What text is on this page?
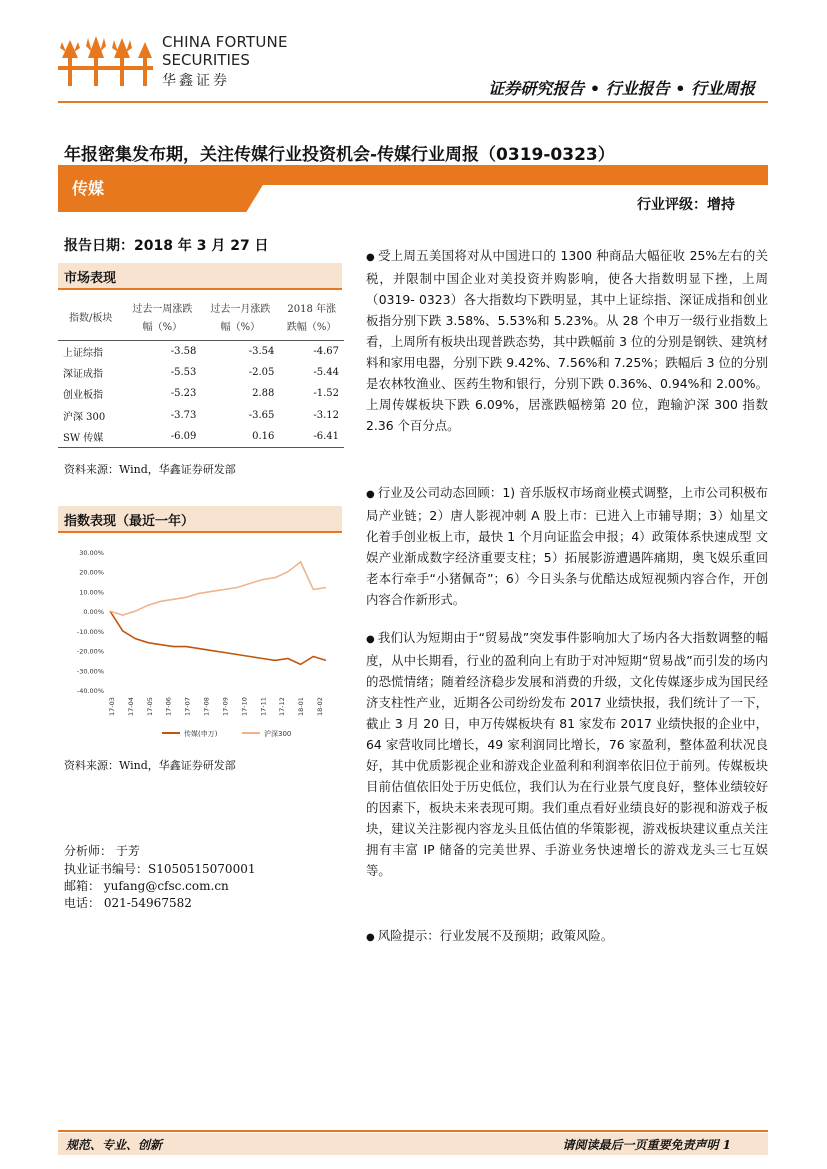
CHINA FORTUNE
SECURITIES
华鑫证券	证券研究报告 • 行业报告 • 行业周报
年报密集发布期，关注传媒行业投资机会-传媒行业周报（0319-0323）
传媒
行业评级：增持
报告日期：2018 年 3 月 27 日
市场表现
指数/板块	过去一周涨跌幅（%）	过去一月涨跌幅（%）	2018 年涨跌幅（%）
上证综指	-3.58	-3.54	-4.67
深证成指	-5.53	-2.05	-5.44
创业板指	-5.23	2.88	-1.52
沪深 300	-3.73	-3.65	-3.12
SW 传媒	-6.09	0.16	-6.41
资料来源：Wind，华鑫证券研发部
指数表现（最近一年）
30.00%
20.00%
10.00%
0.00%
-10.00%
-20.00%
-30.00%
-40.00%
17-03 17-04 17-05 17-06 17-07 17-08 17-09 17-10 17-11 17-12 18-01 18-02
传媒(申万)	沪深300
资料来源：Wind，华鑫证券研发部
分析师： 于芳
执业证书编号：S1050515070001
邮箱： yufang@cfsc.com.cn
电话： 021-54967582
● 受上周五美国将对从中国进口的 1300 种商品大幅征收 25%左右的关税，并限制中国企业对美投资并购影响，使各大指数明显下挫，上周（0319- 0323）各大指数均下跌明显，其中上证综指、深证成指和创业板指分别下跌 3.58%、5.53%和 5.23%。从 28 个申万一级行业指数上看，上周所有板块出现普跌态势，其中跌幅前 3 位的分别是钢铁、建筑材料和家用电器，分别下跌 9.42%、7.56%和 7.25%；跌幅后 3 位的分别是农林牧渔业、医药生物和银行，分别下跌 0.36%、0.94%和 2.00%。上周传媒板块下跌 6.09%，居涨跌幅榜第 20 位，跑输沪深 300 指数 2.36 个百分点。
● 行业及公司动态回顾：1) 音乐版权市场商业模式调整，上市公司积极布局产业链；2）唐人影视冲刺 A 股上市：已进入上市辅导期；3）灿星文化着手创业板上市，最快 1 个月向证监会申报；4）政策体系快速成型 文娱产业渐成数字经济重要支柱；5）拓展影游遭遇阵痛期，奥飞娱乐重回老本行牵手“小猪佩奇”；6）今日头条与优酷达成短视频内容合作，开创内容合作新形式。
● 我们认为短期由于“贸易战”突发事件影响加大了场内各大指数调整的幅度，从中长期看，行业的盈利向上有助于对冲短期“贸易战”而引发的场内的恐慌情绪；随着经济稳步发展和消费的升级，文化传媒逐步成为国民经济支柱性产业，近期各公司纷纷发布 2017 业绩快报，我们统计了一下，截止 3 月 20 日，申万传媒板块有 81 家发布 2017 业绩快报的企业中，64 家营收同比增长，49 家利润同比增长，76 家盈利，整体盈利状况良好，其中优质影视企业和游戏企业盈利和利润率依旧位于前列。传媒板块目前估值依旧处于历史低位，我们认为在行业景气度良好，整体业绩较好的因素下，板块未来表现可期。我们重点看好业绩良好的影视和游戏子板块，建议关注影视内容龙头且低估值的华策影视，游戏板块建议重点关注拥有丰富 IP 储备的完美世界、手游业务快速增长的游戏龙头三七互娱等。
● 风险提示：行业发展不及预期；政策风险。
规范、专业、创新	请阅读最后一页重要免责声明 1
